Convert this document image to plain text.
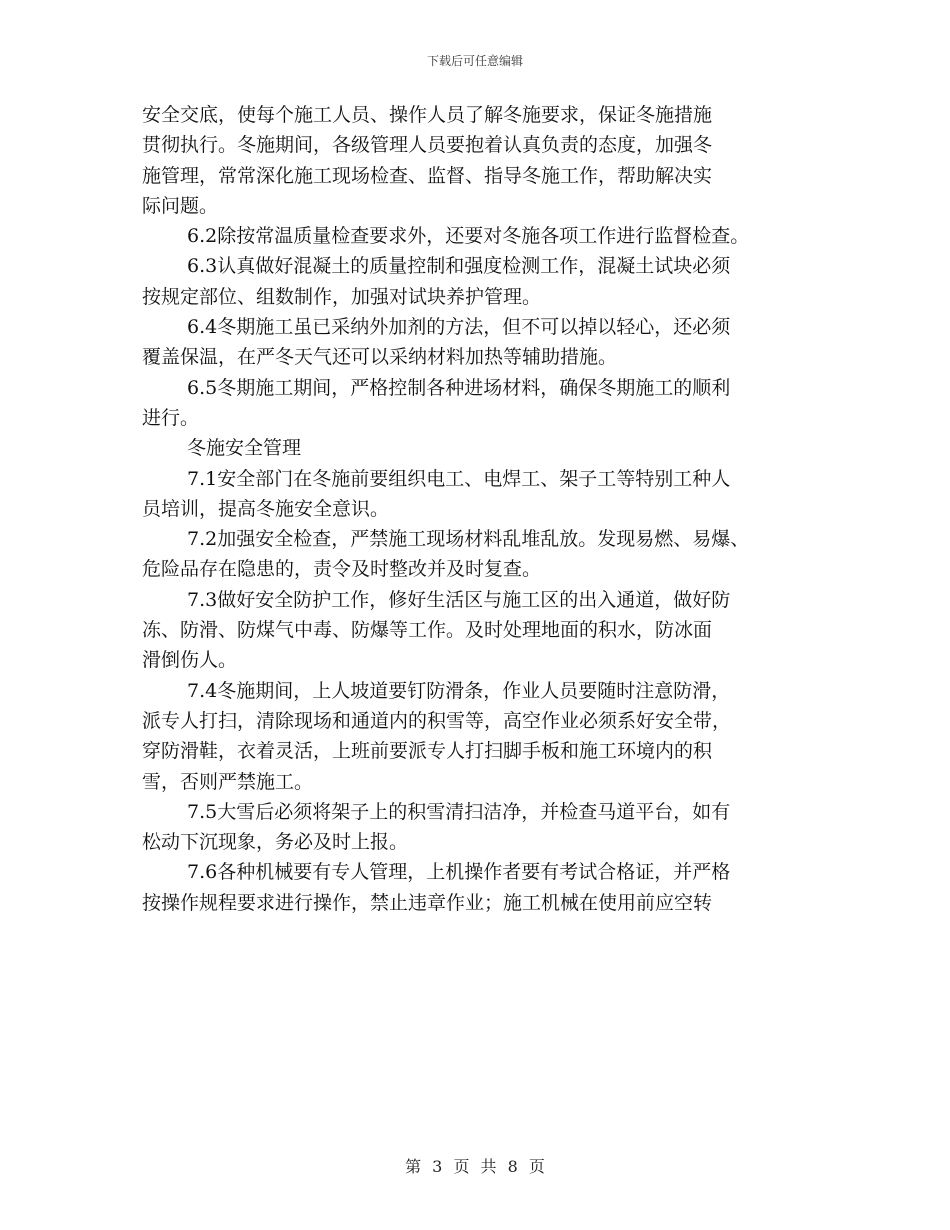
下载后可任意编辑

安全交底，使每个施工人员、操作人员了解冬施要求，保证冬施措施
贯彻执行。冬施期间，各级管理人员要抱着认真负责的态度，加强冬
施管理，常常深化施工现场检查、监督、指导冬施工作，帮助解决实
际问题。

6.2除按常温质量检查要求外，还要对冬施各项工作进行监督检查。

6.3认真做好混凝土的质量控制和强度检测工作，混凝土试块必须
按规定部位、组数制作，加强对试块养护管理。

6.4冬期施工虽已采纳外加剂的方法，但不可以掉以轻心，还必须
覆盖保温，在严冬天气还可以采纳材料加热等辅助措施。

6.5冬期施工期间，严格控制各种进场材料，确保冬期施工的顺利
进行。

冬施安全管理

7.1安全部门在冬施前要组织电工、电焊工、架子工等特别工种人
员培训，提高冬施安全意识。

7.2加强安全检查，严禁施工现场材料乱堆乱放。发现易燃、易爆、
危险品存在隐患的，责令及时整改并及时复查。

7.3做好安全防护工作，修好生活区与施工区的出入通道，做好防
冻、防滑、防煤气中毒、防爆等工作。及时处理地面的积水，防冰面
滑倒伤人。

7.4冬施期间，上人坡道要钉防滑条，作业人员要随时注意防滑，
派专人打扫，清除现场和通道内的积雪等，高空作业必须系好安全带，
穿防滑鞋，衣着灵活，上班前要派专人打扫脚手板和施工环境内的积
雪，否则严禁施工。

7.5大雪后必须将架子上的积雪清扫洁净，并检查马道平台，如有
松动下沉现象，务必及时上报。

7.6各种机械要有专人管理，上机操作者要有考试合格证，并严格
按操作规程要求进行操作，禁止违章作业；施工机械在使用前应空转

第 3 页 共 8 页
